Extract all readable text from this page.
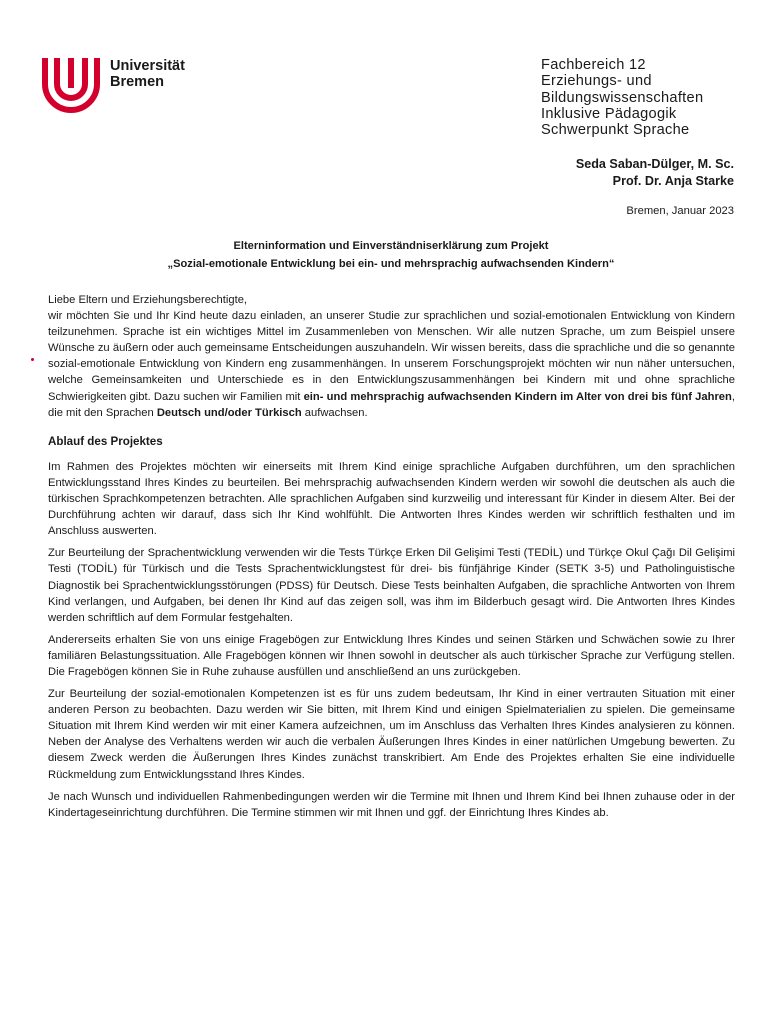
Universität
Bremen
Fachbereich 12
Erziehungs- und
Bildungswissenschaften
Inklusive Pädagogik
Schwerpunkt Sprache
Seda Saban-Dülger, M. Sc.
Prof. Dr. Anja Starke
Bremen, Januar 2023
Elterninformation und Einverständniserklärung zum Projekt
„Sozial-emotionale Entwicklung bei ein- und mehrsprachig aufwachsenden Kindern“

Liebe Eltern und Erziehungsberechtigte,

wir möchten Sie und Ihr Kind heute dazu einladen, an unserer Studie zur sprachlichen und sozial-emotionalen Entwicklung von Kindern teilzunehmen. Sprache ist ein wichtiges Mittel im Zusammenleben von Menschen. Wir alle nutzen Sprache, um zum Beispiel unsere Wünsche zu äußern oder auch gemeinsame Entscheidungen auszuhandeln. Wir wissen bereits, dass die sprachliche und die so genannte sozial-emotionale Entwicklung von Kindern eng zusammenhängen. In unserem Forschungsprojekt möchten wir nun näher untersuchen, welche Gemeinsamkeiten und Unterschiede es in den Entwicklungszusammenhängen bei Kindern mit und ohne sprachliche Schwierigkeiten gibt. Dazu suchen wir Familien mit ein- und mehrsprachig aufwachsenden Kindern im Alter von drei bis fünf Jahren, die mit den Sprachen Deutsch und/oder Türkisch aufwachsen.

Ablauf des Projektes

Im Rahmen des Projektes möchten wir einerseits mit Ihrem Kind einige sprachliche Aufgaben durchführen, um den sprachlichen Entwicklungsstand Ihres Kindes zu beurteilen. Bei mehrsprachig aufwachsenden Kindern werden wir sowohl die deutschen als auch die türkischen Sprachkompetenzen betrachten. Alle sprachlichen Aufgaben sind kurzweilig und interessant für Kinder in diesem Alter. Bei der Durchführung achten wir darauf, dass sich Ihr Kind wohlfühlt. Die Antworten Ihres Kindes werden wir schriftlich festhalten und im Anschluss auswerten.

Zur Beurteilung der Sprachentwicklung verwenden wir die Tests Türkçe Erken Dil Gelişimi Testi (TEDİL) und Türkçe Okul Çağı Dil Gelişimi Testi (TODİL) für Türkisch und die Tests Sprachentwicklungstest für drei- bis fünfjährige Kinder (SETK 3-5) und Patholinguistische Diagnostik bei Sprachentwicklungsstörungen (PDSS) für Deutsch. Diese Tests beinhalten Aufgaben, die sprachliche Antworten von Ihrem Kind verlangen, und Aufgaben, bei denen Ihr Kind auf das zeigen soll, was ihm im Bilderbuch gesagt wird. Die Antworten Ihres Kindes werden schriftlich auf dem Formular festgehalten.

Andererseits erhalten Sie von uns einige Fragebögen zur Entwicklung Ihres Kindes und seinen Stärken und Schwächen sowie zu Ihrer familiären Belastungssituation. Alle Fragebögen können wir Ihnen sowohl in deutscher als auch türkischer Sprache zur Verfügung stellen. Die Fragebögen können Sie in Ruhe zuhause ausfüllen und anschließend an uns zurückgeben.

Zur Beurteilung der sozial-emotionalen Kompetenzen ist es für uns zudem bedeutsam, Ihr Kind in einer vertrauten Situation mit einer anderen Person zu beobachten. Dazu werden wir Sie bitten, mit Ihrem Kind und einigen Spielmaterialien zu spielen. Die gemeinsame Situation mit Ihrem Kind werden wir mit einer Kamera aufzeichnen, um im Anschluss das Verhalten Ihres Kindes analysieren zu können. Neben der Analyse des Verhaltens werden wir auch die verbalen Äußerungen Ihres Kindes in einer natürlichen Umgebung bewerten. Zu diesem Zweck werden die Äußerungen Ihres Kindes zunächst transkribiert. Am Ende des Projektes erhalten Sie eine individuelle Rückmeldung zum Entwicklungsstand Ihres Kindes.

Je nach Wunsch und individuellen Rahmenbedingungen werden wir die Termine mit Ihnen und Ihrem Kind bei Ihnen zuhause oder in der Kindertageseinrichtung durchführen. Die Termine stimmen wir mit Ihnen und ggf. der Einrichtung Ihres Kindes ab.
